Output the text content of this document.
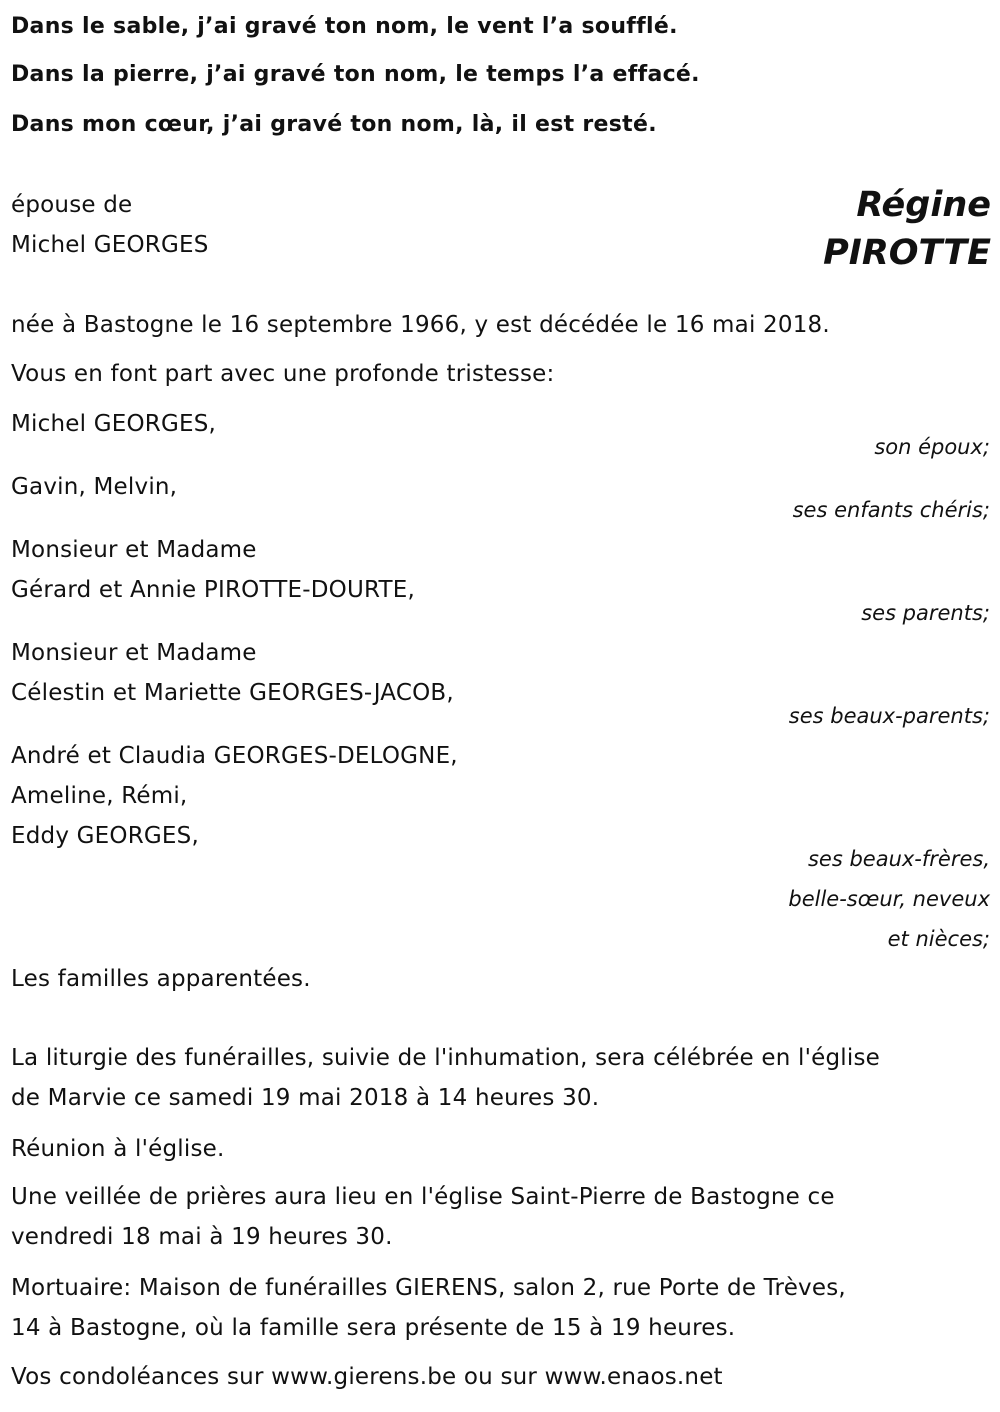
Dans le sable, j’ai gravé ton nom, le vent l’a soufflé.
Dans la pierre, j’ai gravé ton nom, le temps l’a effacé.
Dans mon cœur, j’ai gravé ton nom, là, il est resté.
épouse de
Michel GEORGES
Régine
PIROTTE
née à Bastogne le 16 septembre 1966, y est décédée le 16 mai 2018.
Vous en font part avec une profonde tristesse:
Michel GEORGES,
son époux;
Gavin, Melvin,
ses enfants chéris;
Monsieur et Madame
Gérard et Annie PIROTTE-DOURTE,
ses parents;
Monsieur et Madame
Célestin et Mariette GEORGES-JACOB,
ses beaux-parents;
André et Claudia GEORGES-DELOGNE,
Ameline, Rémi,
Eddy GEORGES,
ses beaux-frères,
belle-sœur, neveux
et nièces;
Les familles apparentées.
La liturgie des funérailles, suivie de l'inhumation, sera célébrée en l'église
de Marvie ce samedi 19 mai 2018 à 14 heures 30.
Réunion à l'église.
Une veillée de prières aura lieu en l'église Saint-Pierre de Bastogne ce
vendredi 18 mai à 19 heures 30.
Mortuaire: Maison de funérailles GIERENS, salon 2, rue Porte de Trèves,
14 à Bastogne, où la famille sera présente de 15 à 19 heures.
Vos condoléances sur www.gierens.be ou sur www.enaos.net
